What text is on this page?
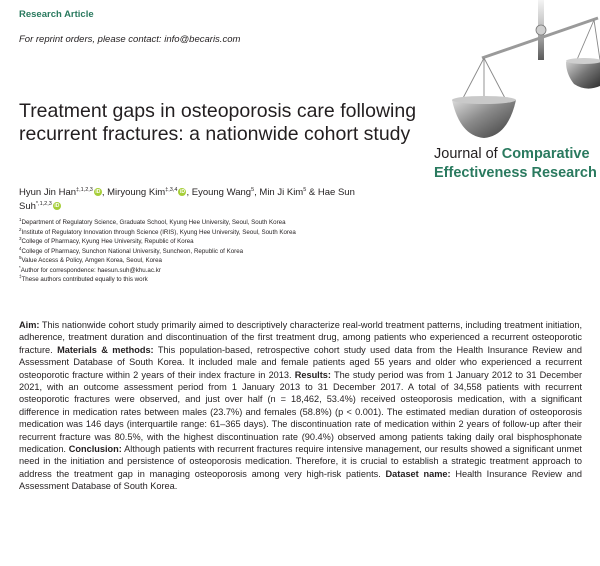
Research Article
For reprint orders, please contact: info@becaris.com
Journal of Comparative
Effectiveness Research
Treatment gaps in osteoporosis care following recurrent fractures: a nationwide cohort study
Hyun Jin Han$^{\ddagger,1,2,3}$ iD , Miryoung Kim$^{\ddagger,3,4}$ iD , Eyoung Wang$^5$, Min Ji Kim$^5$ & Hae Sun
Suh$^{*,1,2,3}$ iD
$^1$Department of Regulatory Science, Graduate School, Kyung Hee University, Seoul, South Korea
$^2$Institute of Regulatory Innovation through Science (IRIS), Kyung Hee University, Seoul, South Korea
$^3$College of Pharmacy, Kyung Hee University, Republic of Korea
$^4$College of Pharmacy, Sunchon National University, Suncheon, Republic of Korea
$^5$Value Access & Policy, Amgen Korea, Seoul, Korea
*Author for correspondence: haesun.suh@khu.ac.kr
‡These authors contributed equally to this work
Aim: This nationwide cohort study primarily aimed to descriptively characterize real-world treatment patterns, including treatment initiation, adherence, treatment duration and discontinuation of the first treatment drug, among patients who experienced a recurrent osteoporotic fracture. Materials & methods: This population-based, retrospective cohort study used data from the Health Insurance Review and Assessment Database of South Korea. It included male and female patients aged 55 years and older who experienced a recurrent osteoporotic fracture within 2 years of their index fracture in 2013. Results: The study period was from 1 January 2012 to 31 December 2021, with an outcome assessment period from 1 January 2013 to 31 December 2017. A total of 34,558 patients with recurrent osteoporotic fractures were observed, and just over half (n = 18,462, 53.4%) received osteoporosis medication, with a significant difference in medication rates between males (23.7%) and females (58.8%) (p < 0.001). The estimated median duration of osteoporosis medication was 146 days (interquartile range: 61–365 days). The discontinuation rate of medication within 2 years of follow-up after their recurrent fracture was 80.5%, with the highest discontinuation rate (90.4%) observed among patients taking daily oral bisphosphonate medication. Conclusion: Although patients with recurrent fractures require intensive management, our results showed a significant unmet need in the initiation and persistence of osteoporosis medication. Therefore, it is crucial to establish a strategic treatment approach to address the treatment gap in managing osteoporosis among very high-risk patients. Dataset name: Health Insurance Review and Assessment Database of South Korea.
